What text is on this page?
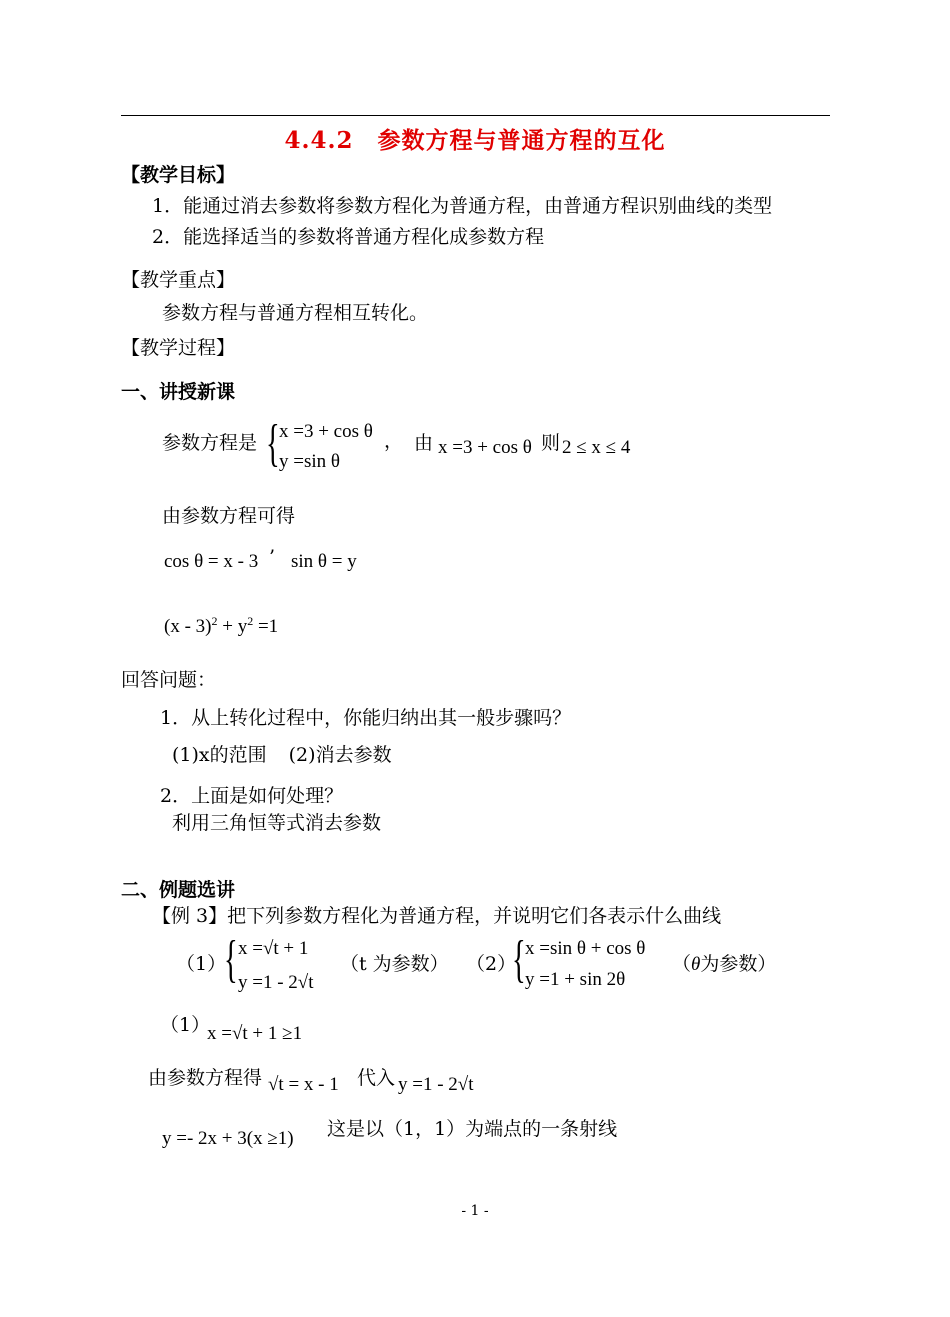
4.4.2　参数方程与普通方程的互化
【教学目标】
1．能通过消去参数将参数方程化为普通方程，由普通方程识别曲线的类型
2．能选择适当的参数将普通方程化成参数方程
【教学重点】
参数方程与普通方程相互转化。
【教学过程】
一、讲授新课
参数方程是 { x =3 + cos θ
y =sin θ
， 由 x =3 + cos θ 则 2 ≤ x ≤ 4
由参数方程可得
cos θ = x - 3 ’ sin θ = y
$(x - 3)^2 + y^2 =1$
回答问题：
1．从上转化过程中，你能归纳出其一般步骤吗？
(1)x的范围 (2)消去参数
2．上面是如何处理？
利用三角恒等式消去参数
二、例题选讲
【例 3】把下列参数方程化为普通方程，并说明它们各表示什么曲线
（1）
{ x =√t + 1
y =1 - 2√t
（t 为参数） （2）
{ x =sin θ + cos θ
y =1 + sin 2θ
（θ为参数）
（1）
x =√t + 1 ≥1
由参数方程得 √t = x - 1 代入 y =1 - 2√t
y =- 2x + 3(x ≥1) 这是以（1，1）为端点的一条射线
- 1 -
